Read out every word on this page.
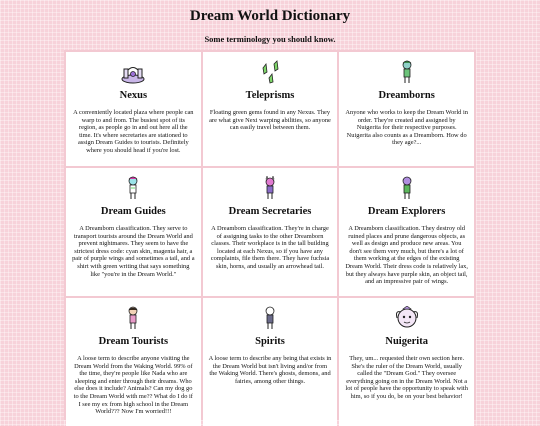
Dream World Dictionary

Some terminology you should know.

Nexus

A conveniently located plaza where people can warp to and from. The busiest spot of its region, as people go in and out here all the time. It's where secretaries are stationed to assign Dream Guides to tourists. Definitely where you should head if you're lost.

Teleprisms

Floating green gems found in any Nexus. They are what give Nexi warping abilities, so anyone can easily travel between them.

Dreamborns

Anyone who works to keep the Dream World in order. They're created and assigned by Nuigerita for their respective purposes. Nuigerita also counts as a Dreamborn. How do they age?...

Dream Guides

A Dreamborn classification. They serve to transport tourists around the Dream World and prevent nightmares. They seem to have the strictest dress code: cyan skin, magenta hair, a pair of purple wings and sometimes a tail, and a shirt with green writing that says something like "you're in the Dream World."

Dream Secretaries

A Dreamborn classification. They're in charge of assigning tasks to the other Dreamborn classes. Their workplace is in the tall building located at each Nexus, so if you have any complaints, file them there. They have fuchsia skin, horns, and usually an arrowhead tail.

Dream Explorers

A Dreamborn classification. They destroy old ruined places and prune dangerous objects, as well as design and produce new areas. You don't see them very much, but there's a lot of them working at the edges of the existing Dream World. Their dress code is relatively lax, but they always have purple skin, an object tail, and an impressive pair of wings.

Dream Tourists

A loose term to describe anyone visiting the Dream World from the Waking World. 99% of the time, they're people like Nada who are sleeping and enter through their dreams. Who else does it include? Animals? Can my dog go to the Dream World with me?? What do I do if I see my ex from high school in the Dream World??? Now I'm worried!!!

Spirits

A loose term to describe any being that exists in the Dream World but isn't living and/or from the Waking World. There's ghosts, demons, and fairies, among other things.

Nuigerita

They, um... requested their own section here. She's the ruler of the Dream World, usually called the "Dream God." They oversee everything going on in the Dream World. Not a lot of people have the opportunity to speak with him, so if you do, be on your best behavior!
